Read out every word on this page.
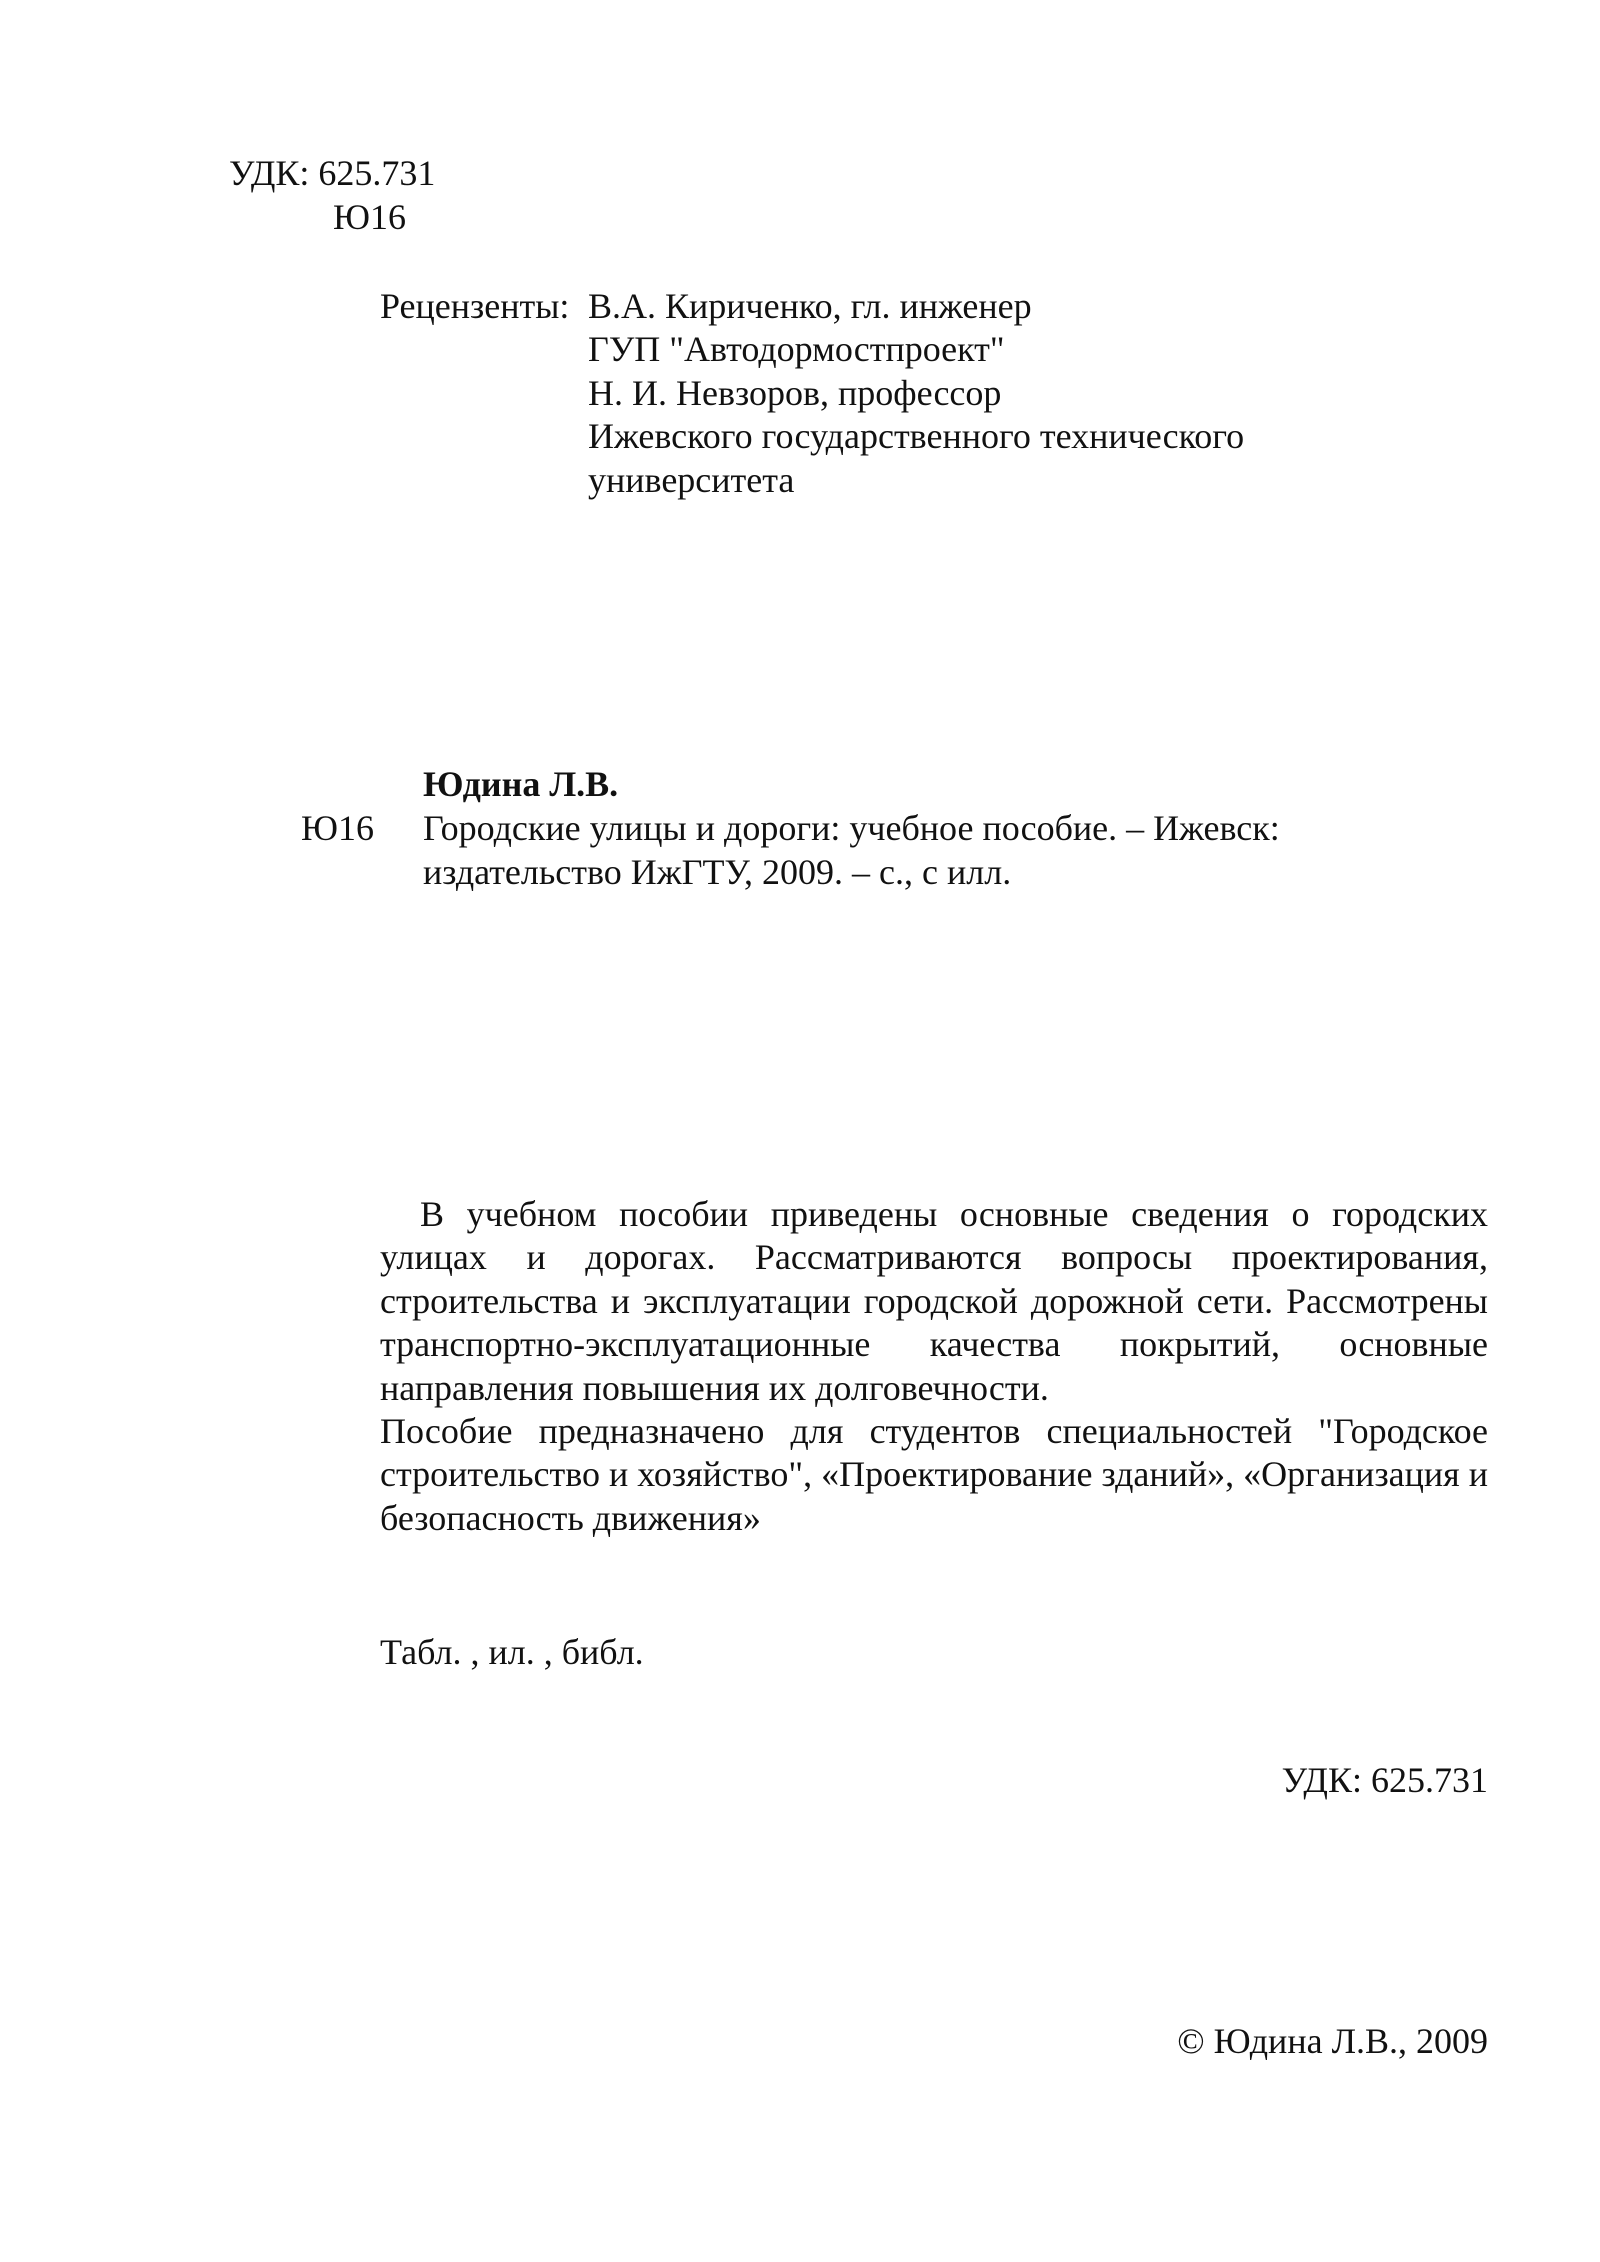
УДК: 625.731
Ю16
Рецензенты: В.А. Кириченко, гл. инженер
ГУП "Автодормостпроект"
Н. И. Невзоров, профессор
Ижевского государственного технического
университета
Юдина Л.В.
Ю16 Городские улицы и дороги: учебное пособие. – Ижевск:
издательство ИжГТУ, 2009. – с., с илл.

В учебном пособии приведены основные сведения о городских улицах и дорогах. Рассматриваются вопросы проектирования, строительства и эксплуатации городской дорожной сети. Рассмотрены транспортно-эксплуатационные качества покрытий, основные направления повышения их долговечности.

Пособие предназначено для студентов специальностей "Городское строительство и хозяйство", «Проектирование зданий», «Организация и безопасность движения»

Табл. , ил. , библ.
УДК: 625.731
© Юдина Л.В., 2009
